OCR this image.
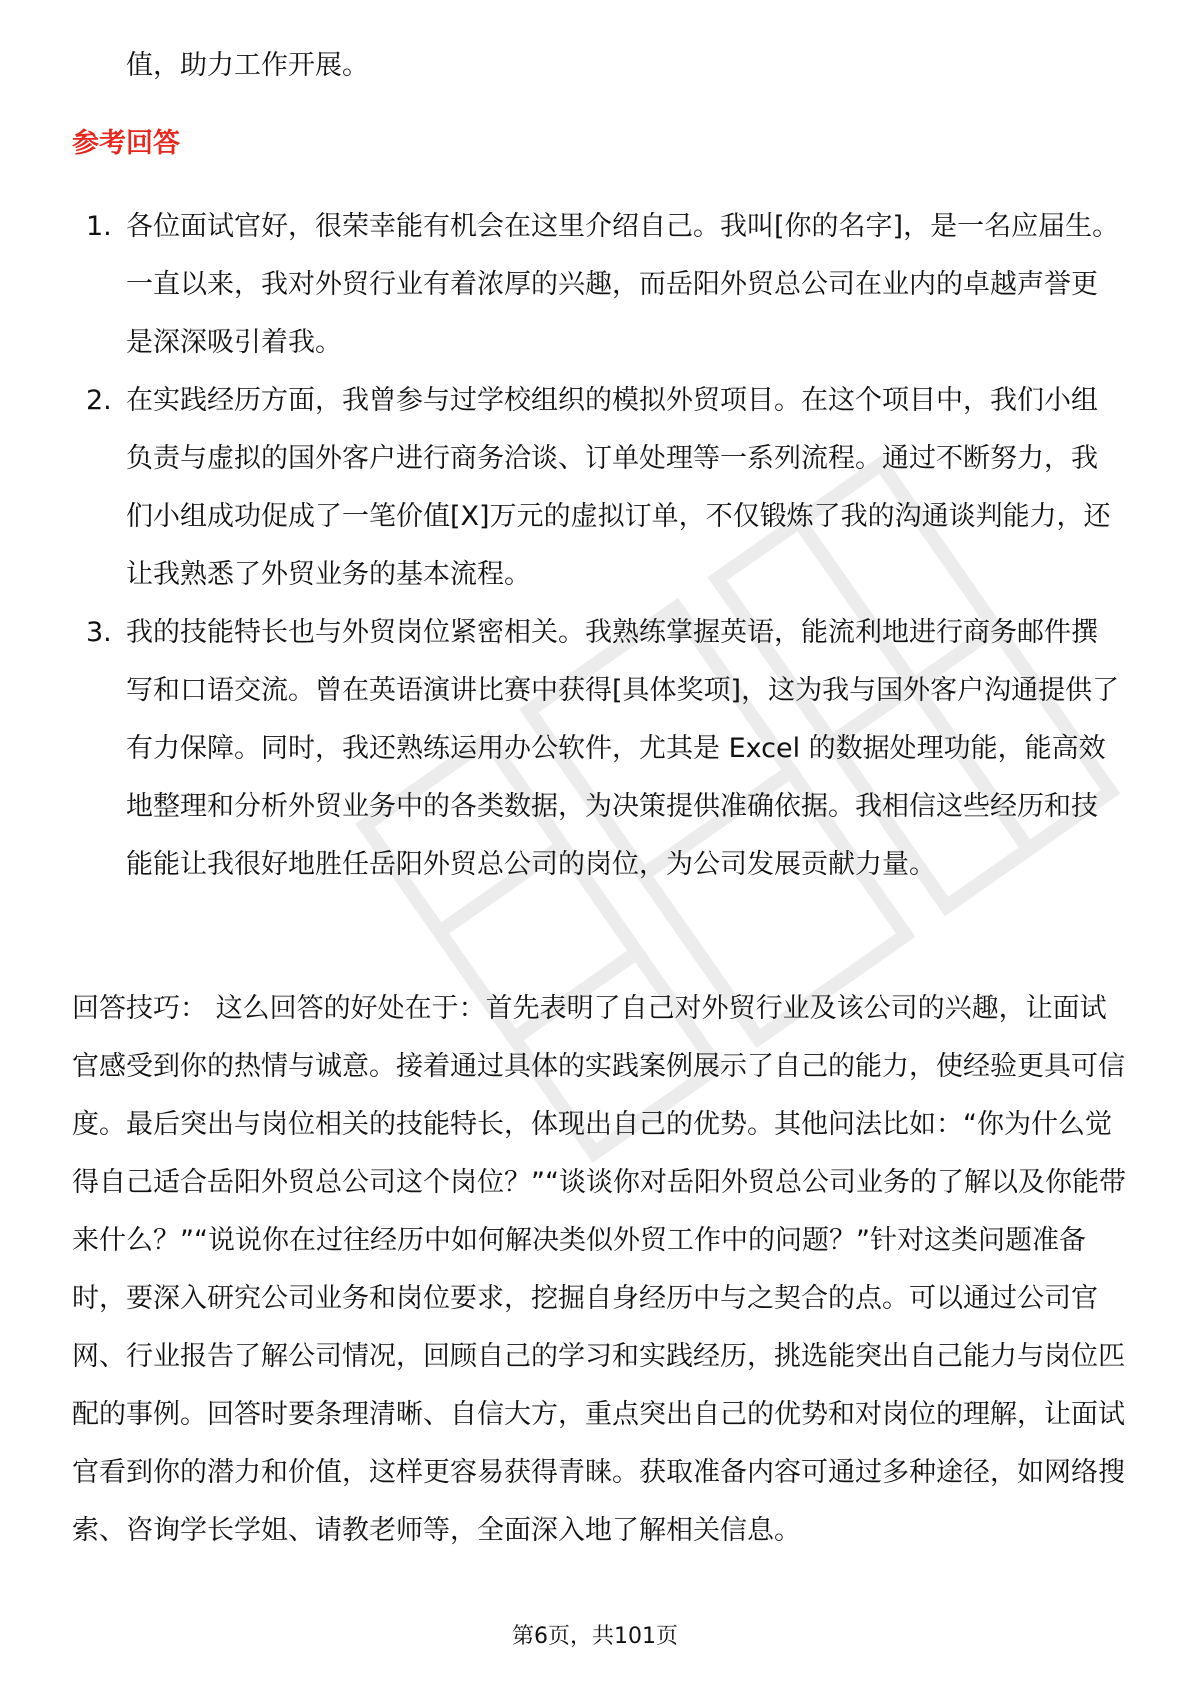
值，助力工作开展。
参考回答
1. 各位面试官好，很荣幸能有机会在这里介绍自己。我叫[你的名字]，是一名应届生。一直以来，我对外贸行业有着浓厚的兴趣，而岳阳外贸总公司在业内的卓越声誉更是深深吸引着我。
2. 在实践经历方面，我曾参与过学校组织的模拟外贸项目。在这个项目中，我们小组负责与虚拟的国外客户进行商务洽谈、订单处理等一系列流程。通过不断努力，我们小组成功促成了一笔价值[X]万元的虚拟订单，不仅锻炼了我的沟通谈判能力，还让我熟悉了外贸业务的基本流程。
3. 我的技能特长也与外贸岗位紧密相关。我熟练掌握英语，能流利地进行商务邮件撰写和口语交流。曾在英语演讲比赛中获得[具体奖项]，这为我与国外客户沟通提供了有力保障。同时，我还熟练运用办公软件，尤其是 Excel 的数据处理功能，能高效地整理和分析外贸业务中的各类数据，为决策提供准确依据。我相信这些经历和技能能让我很好地胜任岳阳外贸总公司的岗位，为公司发展贡献力量。

回答技巧： 这么回答的好处在于：首先表明了自己对外贸行业及该公司的兴趣，让面试官感受到你的热情与诚意。接着通过具体的实践案例展示了自己的能力，使经验更具可信度。最后突出与岗位相关的技能特长，体现出自己的优势。其他问法比如：“你为什么觉得自己适合岳阳外贸总公司这个岗位？”“谈谈你对岳阳外贸总公司业务的了解以及你能带来什么？”“说说你在过往经历中如何解决类似外贸工作中的问题？”针对这类问题准备时，要深入研究公司业务和岗位要求，挖掘自身经历中与之契合的点。可以通过公司官网、行业报告了解公司情况，回顾自己的学习和实践经历，挑选能突出自己能力与岗位匹配的事例。回答时要条理清晰、自信大方，重点突出自己的优势和对岗位的理解，让面试官看到你的潜力和价值，这样更容易获得青睐。获取准备内容可通过多种途径，如网络搜索、咨询学长学姐、请教老师等，全面深入地了解相关信息。

第6页，共101页
